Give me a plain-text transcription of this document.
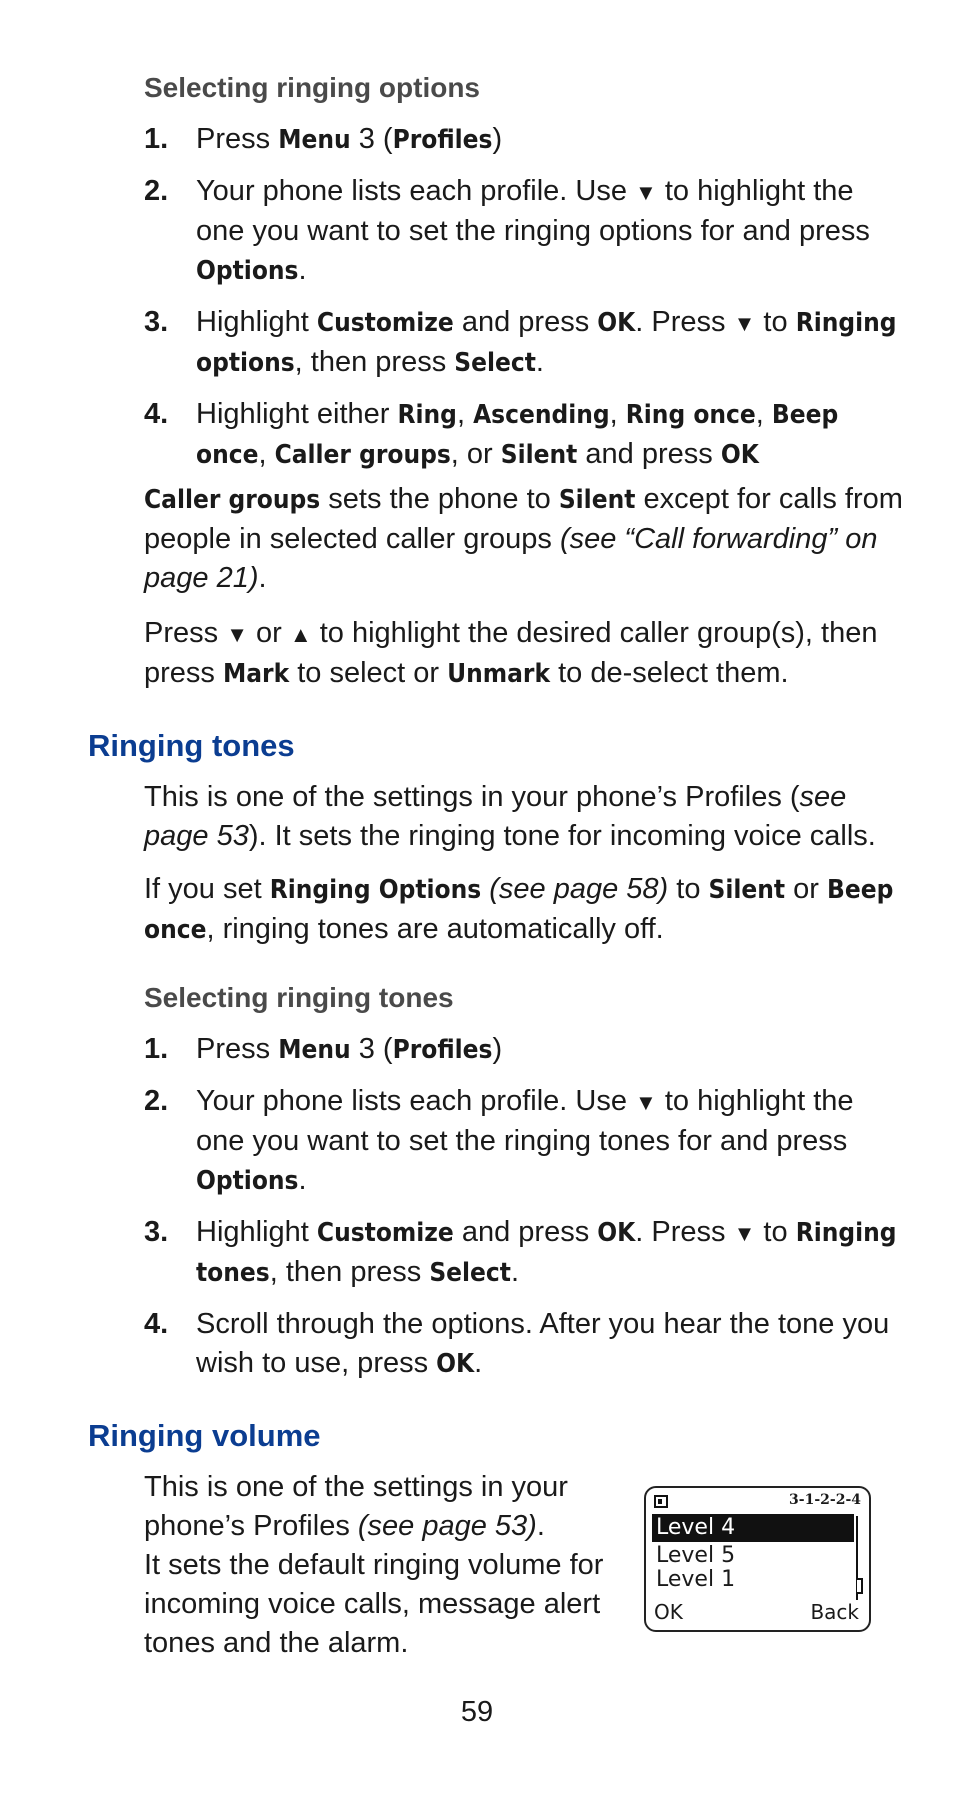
Selecting ringing options
1. Press Menu 3 (Profiles)
2. Your phone lists each profile. Use ▼ to highlight the one you want to set the ringing options for and press Options.
3. Highlight Customize and press OK. Press ▼ to Ringing options, then press Select.
4. Highlight either Ring, Ascending, Ring once, Beep once, Caller groups, or Silent and press OK

Caller groups sets the phone to Silent except for calls from people in selected caller groups (see “Call forwarding” on page 21).

Press ▼ or ▲ to highlight the desired caller group(s), then press Mark to select or Unmark to de-select them.

Ringing tones

This is one of the settings in your phone’s Profiles (see page 53). It sets the ringing tone for incoming voice calls.

If you set Ringing Options (see page 58) to Silent or Beep once, ringing tones are automatically off.

Selecting ringing tones
1. Press Menu 3 (Profiles)
2. Your phone lists each profile. Use ▼ to highlight the one you want to set the ringing tones for and press Options.
3. Highlight Customize and press OK. Press ▼ to Ringing tones, then press Select.
4. Scroll through the options. After you hear the tone you wish to use, press OK.
Ringing volume

This is one of the settings in your phone’s Profiles (see page 53).
It sets the default ringing volume for incoming voice calls, message alert tones and the alarm.

3-1-2-2-4
Level 4
Level 5
Level 1
OK	Back
59
